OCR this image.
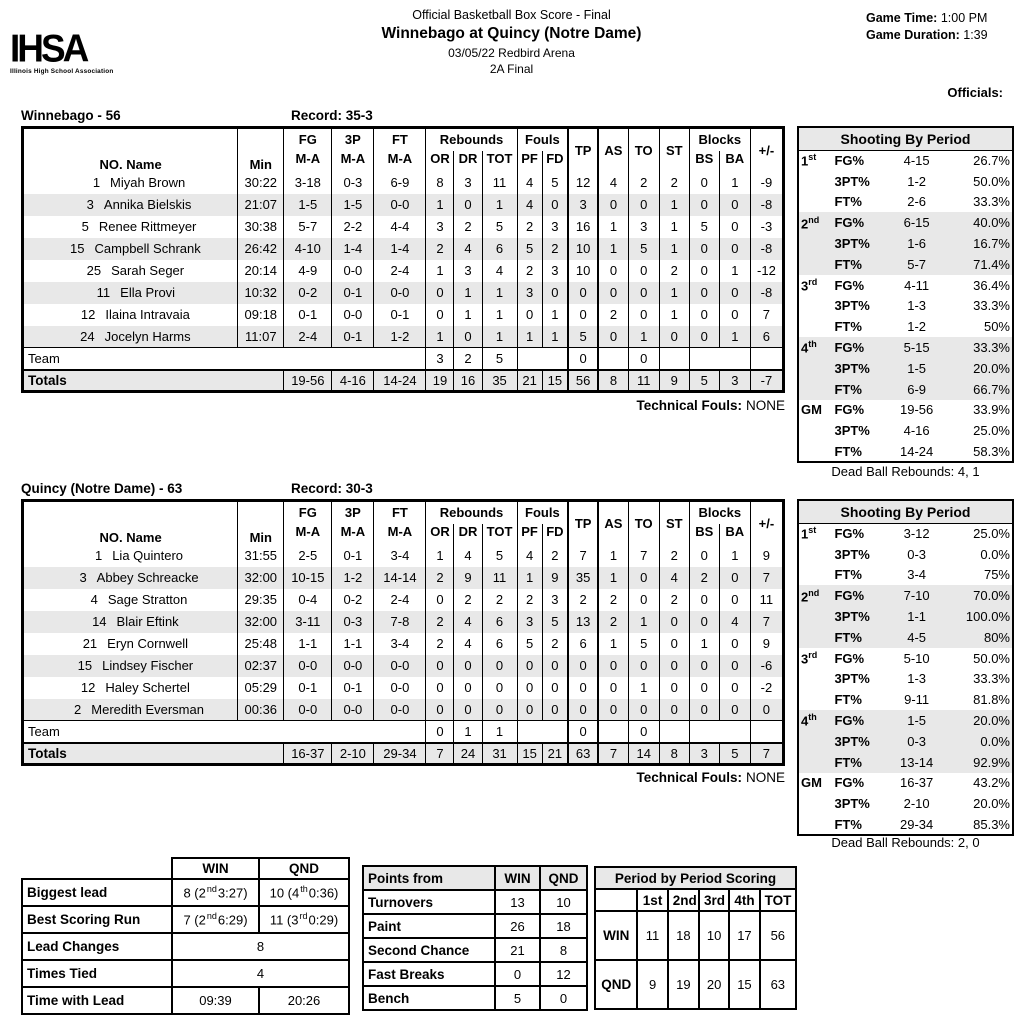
IHSA
Illinois High School Association
Official Basketball Box Score - Final
Winnebago at Quincy (Notre Dame)
03/05/22 Redbird Arena
2A Final
Game Time: 1:00 PM
Game Duration: 1:39
Officials:
Winnebago - 56	Record: 35-3
NO. Name	Min	FG	3P	FT	Rebounds			Fouls		TP	AS	TO	ST	Blocks		+/-
		M-A	M-A	M-A	OR	DR	TOT	PF	FD					BS	BA	
1 Miyah Brown	30:22	3-18	0-3	6-9	8	3	11	4	5	12	4	2	2	0	1	-9
3 Annika Bielskis	21:07	1-5	1-5	0-0	1	0	1	4	0	3	0	0	1	0	0	-8
5 Renee Rittmeyer	30:38	5-7	2-2	4-4	3	2	5	2	3	16	1	3	1	5	0	-3
15 Campbell Schrank	26:42	4-10	1-4	1-4	2	4	6	5	2	10	1	5	1	0	0	-8
25 Sarah Seger	20:14	4-9	0-0	2-4	1	3	4	2	3	10	0	0	2	0	1	-12
11 Ella Provi	10:32	0-2	0-1	0-0	0	1	1	3	0	0	0	0	1	0	0	-8
12 Ilaina Intravaia	09:18	0-1	0-0	0-1	0	1	1	0	1	0	2	0	1	0	0	7
24 Jocelyn Harms	11:07	2-4	0-1	1-2	1	0	1	1	1	5	0	1	0	0	1	6
Team					3	2	5			0		0				
Totals		19-56	4-16	14-24	19	16	35	21	15	56	8	11	9	5	3	-7
Technical Fouls: NONE
Shooting By Period			
1st	FG%	4-15	26.7%
	3PT%	1-2	50.0%
	FT%	2-6	33.3%
2nd	FG%	6-15	40.0%
	3PT%	1-6	16.7%
	FT%	5-7	71.4%
3rd	FG%	4-11	36.4%
	3PT%	1-3	33.3%
	FT%	1-2	50%
4th	FG%	5-15	33.3%
	3PT%	1-5	20.0%
	FT%	6-9	66.7%
GM	FG%	19-56	33.9%
	3PT%	4-16	25.0%
	FT%	14-24	58.3%
Dead Ball Rebounds: 4, 1
Quincy (Notre Dame) - 63	Record: 30-3
NO. Name	Min	FG	3P	FT	Rebounds			Fouls		TP	AS	TO	ST	Blocks		+/-
		M-A	M-A	M-A	OR	DR	TOT	PF	FD					BS	BA	
1 Lia Quintero	31:55	2-5	0-1	3-4	1	4	5	4	2	7	1	7	2	0	1	9
3 Abbey Schreacke	32:00	10-15	1-2	14-14	2	9	11	1	9	35	1	0	4	2	0	7
4 Sage Stratton	29:35	0-4	0-2	2-4	0	2	2	2	3	2	2	0	2	0	0	11
14 Blair Eftink	32:00	3-11	0-3	7-8	2	4	6	3	5	13	2	1	0	0	4	7
21 Eryn Cornwell	25:48	1-1	1-1	3-4	2	4	6	5	2	6	1	5	0	1	0	9
15 Lindsey Fischer	02:37	0-0	0-0	0-0	0	0	0	0	0	0	0	0	0	0	0	-6
12 Haley Schertel	05:29	0-1	0-1	0-0	0	0	0	0	0	0	0	1	0	0	0	-2
2 Meredith Eversman	00:36	0-0	0-0	0-0	0	0	0	0	0	0	0	0	0	0	0	0
Team					0	1	1			0		0				
Totals		16-37	2-10	29-34	7	24	31	15	21	63	7	14	8	3	5	7
Technical Fouls: NONE
Shooting By Period			
1st	FG%	3-12	25.0%
	3PT%	0-3	0.0%
	FT%	3-4	75%
2nd	FG%	7-10	70.0%
	3PT%	1-1	100.0%
	FT%	4-5	80%
3rd	FG%	5-10	50.0%
	3PT%	1-3	33.3%
	FT%	9-11	81.8%
4th	FG%	1-5	20.0%
	3PT%	0-3	0.0%
	FT%	13-14	92.9%
GM	FG%	16-37	43.2%
	3PT%	2-10	20.0%
	FT%	29-34	85.3%
Dead Ball Rebounds: 2, 0
	WIN	QND
Biggest lead	8 (2nd3:27)	10 (4th0:36)
Best Scoring Run	7 (2nd6:29)	11 (3rd0:29)
Lead Changes	8	
Times Tied	4	
Time with Lead	09:39	20:26
Points from	WIN	QND
Turnovers	13	10
Paint	26	18
Second Chance	21	8
Fast Breaks	0	12
Bench	5	0
Period by Period Scoring					
	1st	2nd	3rd	4th	TOT
WIN	11	18	10	17	56
QND	9	19	20	15	63
